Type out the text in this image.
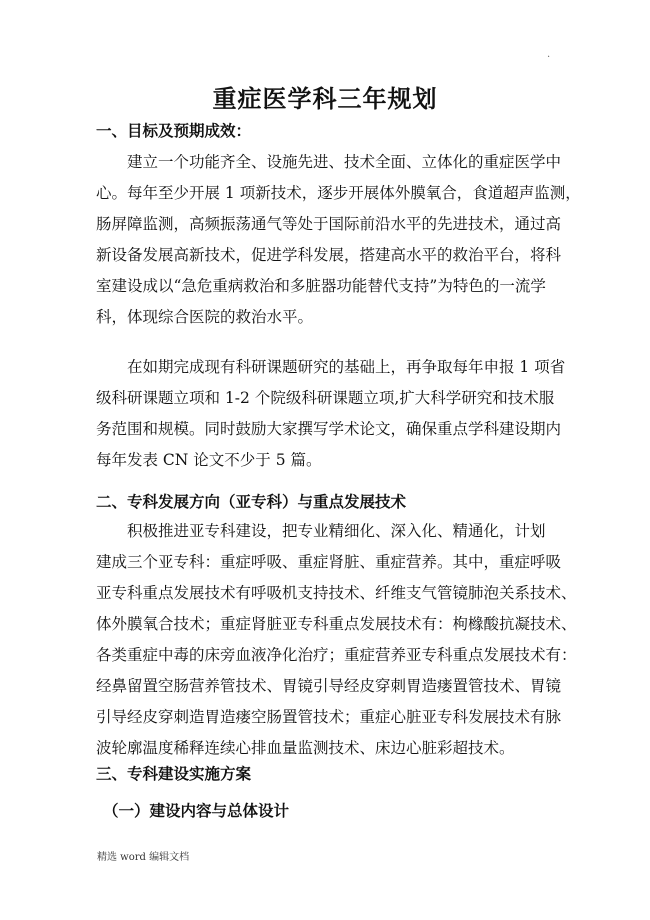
.
重症医学科三年规划
一、目标及预期成效：
　　建立一个功能齐全、设施先进、技术全面、立体化的重症医学中
心。每年至少开展 1 项新技术，逐步开展体外膜氧合，食道超声监测，
肠屏障监测，高频振荡通气等处于国际前沿水平的先进技术，通过高
新设备发展高新技术，促进学科发展，搭建高水平的救治平台，将科
室建设成以“急危重病救治和多脏器功能替代支持”为特色的一流学
科，体现综合医院的救治水平。
　　在如期完成现有科研课题研究的基础上，再争取每年申报 1 项省
级科研课题立项和 1-2 个院级科研课题立项,扩大科学研究和技术服
务范围和规模。同时鼓励大家撰写学术论文，确保重点学科建设期内
每年发表 CN 论文不少于 5 篇。
二、专科发展方向（亚专科）与重点发展技术
　　积极推进亚专科建设，把专业精细化、深入化、精通化，计划
建成三个亚专科：重症呼吸、重症肾脏、重症营养。其中，重症呼吸
亚专科重点发展技术有呼吸机支持技术、纤维支气管镜肺泡关系技术、
体外膜氧合技术；重症肾脏亚专科重点发展技术有：枸橼酸抗凝技术、
各类重症中毒的床旁血液净化治疗；重症营养亚专科重点发展技术有：
经鼻留置空肠营养管技术、胃镜引导经皮穿刺胃造瘘置管技术、胃镜
引导经皮穿刺造胃造瘘空肠置管技术；重症心脏亚专科发展技术有脉
波轮廓温度稀释连续心排血量监测技术、床边心脏彩超技术。
三、专科建设实施方案
（一）建设内容与总体设计
精选 word 编辑文档
